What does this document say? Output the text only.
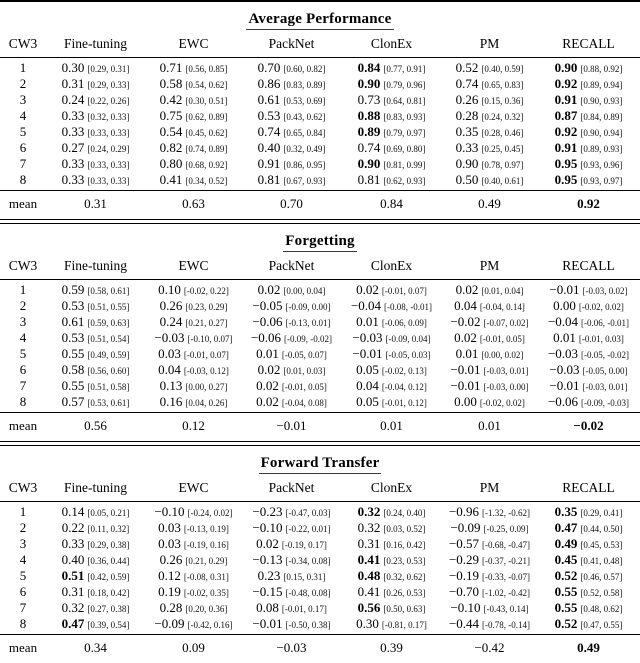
Average Performance
CW3	Fine-tuning	EWC	PackNet	ClonEx	PM	RECALL
1	0.30 [0.29, 0.31]	0.71 [0.56, 0.85]	0.70 [0.60, 0.82]	0.84 [0.77, 0.91]	0.52 [0.40, 0.59]	0.90 [0.88, 0.92]
2	0.31 [0.29, 0.33]	0.58 [0.54, 0.62]	0.86 [0.83, 0.89]	0.90 [0.79, 0.96]	0.74 [0.65, 0.83]	0.92 [0.89, 0.94]
3	0.24 [0.22, 0.26]	0.42 [0.30, 0.51]	0.61 [0.53, 0.69]	0.73 [0.64, 0.81]	0.26 [0.15, 0.36]	0.91 [0.90, 0.93]
4	0.33 [0.32, 0.33]	0.75 [0.62, 0.89]	0.53 [0.43, 0.62]	0.88 [0.83, 0.93]	0.28 [0.24, 0.32]	0.87 [0.84, 0.89]
5	0.33 [0.33, 0.33]	0.54 [0.45, 0.62]	0.74 [0.65, 0.84]	0.89 [0.79, 0.97]	0.35 [0.28, 0.46]	0.92 [0.90, 0.94]
6	0.27 [0.24, 0.29]	0.82 [0.74, 0.89]	0.40 [0.32, 0.49]	0.74 [0.69, 0.80]	0.33 [0.25, 0.45]	0.91 [0.89, 0.93]
7	0.33 [0.33, 0.33]	0.80 [0.68, 0.92]	0.91 [0.86, 0.95]	0.90 [0.81, 0.99]	0.90 [0.78, 0.97]	0.95 [0.93, 0.96]
8	0.33 [0.33, 0.33]	0.41 [0.34, 0.52]	0.81 [0.67, 0.93]	0.81 [0.62, 0.93]	0.50 [0.40, 0.61]	0.95 [0.93, 0.97]
mean	0.31	0.63	0.70	0.84	0.49	0.92
Forgetting
CW3	Fine-tuning	EWC	PackNet	ClonEx	PM	RECALL
1	0.59 [0.58, 0.61]	0.10 [-0.02, 0.22]	0.02 [0.00, 0.04]	0.02 [-0.01, 0.07]	0.02 [0.01, 0.04]	−0.01 [-0.03, 0.02]
2	0.53 [0.51, 0.55]	0.26 [0.23, 0.29]	−0.05 [-0.09, 0.00]	−0.04 [-0.08, -0.01]	0.04 [-0.04, 0.14]	0.00 [-0.02, 0.02]
3	0.61 [0.59, 0.63]	0.24 [0.21, 0.27]	−0.06 [-0.13, 0.01]	0.01 [-0.06, 0.09]	−0.02 [-0.07, 0.02]	−0.04 [-0.06, -0.01]
4	0.53 [0.51, 0.54]	−0.03 [-0.10, 0.07]	−0.06 [-0.09, -0.02]	−0.03 [-0.09, 0.04]	0.02 [-0.01, 0.05]	0.01 [-0.01, 0.03]
5	0.55 [0.49, 0.59]	0.03 [-0.01, 0.07]	0.01 [-0.05, 0.07]	−0.01 [-0.05, 0.03]	0.01 [0.00, 0.02]	−0.03 [-0.05, -0.02]
6	0.58 [0.56, 0.60]	0.04 [-0.03, 0.12]	0.02 [0.01, 0.03]	0.05 [-0.02, 0.13]	−0.01 [-0.03, 0.01]	−0.03 [-0.05, 0.00]
7	0.55 [0.51, 0.58]	0.13 [0.00, 0.27]	0.02 [-0.01, 0.05]	0.04 [-0.04, 0.12]	−0.01 [-0.03, 0.00]	−0.01 [-0.03, 0.01]
8	0.57 [0.53, 0.61]	0.16 [0.04, 0.26]	0.02 [-0.04, 0.08]	0.05 [-0.01, 0.12]	0.00 [-0.02, 0.02]	−0.06 [-0.09, -0.03]
mean	0.56	0.12	−0.01	0.01	0.01	−0.02
Forward Transfer
CW3	Fine-tuning	EWC	PackNet	ClonEx	PM	RECALL
1	0.14 [0.05, 0.21]	−0.10 [-0.24, 0.02]	−0.23 [-0.47, 0.03]	0.32 [0.24, 0.40]	−0.96 [-1.32, -0.62]	0.35 [0.29, 0.41]
2	0.22 [0.11, 0.32]	0.03 [-0.13, 0.19]	−0.10 [-0.22, 0.01]	0.32 [0.03, 0.52]	−0.09 [-0.25, 0.09]	0.47 [0.44, 0.50]
3	0.33 [0.29, 0.38]	0.03 [-0.19, 0.16]	0.02 [-0.19, 0.17]	0.31 [0.16, 0.42]	−0.57 [-0.68, -0.47]	0.49 [0.45, 0.53]
4	0.40 [0.36, 0.44]	0.26 [0.21, 0.29]	−0.13 [-0.34, 0.08]	0.41 [0.23, 0.53]	−0.29 [-0.37, -0.21]	0.45 [0.41, 0.48]
5	0.51 [0.42, 0.59]	0.12 [-0.08, 0.31]	0.23 [0.15, 0.31]	0.48 [0.32, 0.62]	−0.19 [-0.33, -0.07]	0.52 [0.46, 0.57]
6	0.31 [0.18, 0.42]	0.19 [-0.02, 0.35]	−0.15 [-0.48, 0.08]	0.41 [0.26, 0.53]	−0.70 [-1.02, -0.42]	0.55 [0.52, 0.58]
7	0.32 [0.27, 0.38]	0.28 [0.20, 0.36]	0.08 [-0.01, 0.17]	0.56 [0.50, 0.63]	−0.10 [-0.43, 0.14]	0.55 [0.48, 0.62]
8	0.47 [0.39, 0.54]	−0.09 [-0.42, 0.16]	−0.01 [-0.50, 0.38]	0.30 [-0.81, 0.17]	−0.44 [-0.78, -0.14]	0.52 [0.47, 0.55]
mean	0.34	0.09	−0.03	0.39	−0.42	0.49
